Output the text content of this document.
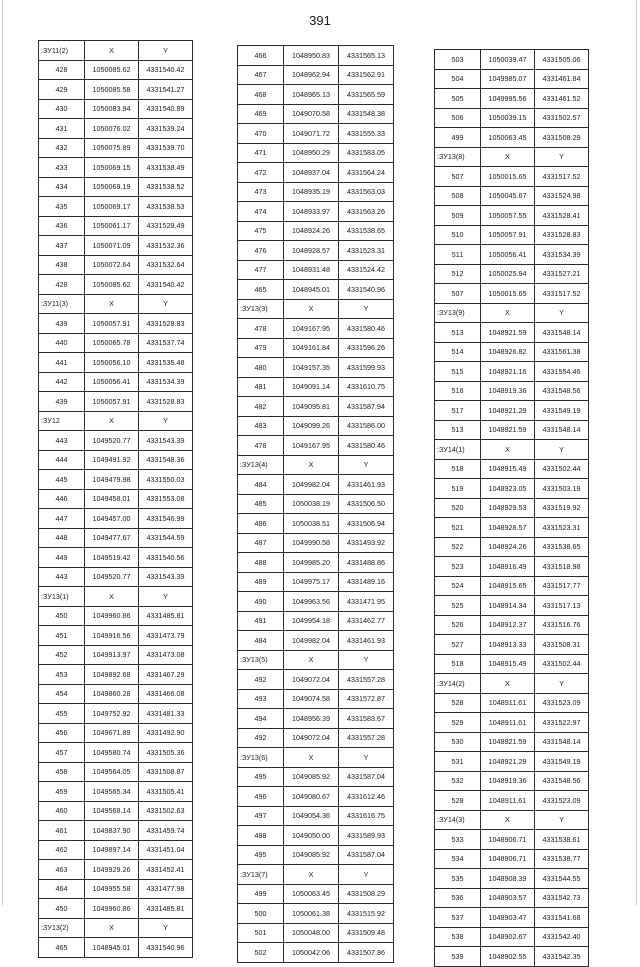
391
:ЗУ11(2)	X	Y
428	1050085.62	4331540.42
429	1050085.58	4331541.27
430	1050083.94	4331540.89
431	1050076.02	4331539.24
432	1050075.89	4331539.70
433	1050069.15	4331538.49
434	1050069.19	4331538.52
435	1050069.17	4331538.53
436	1050061.17	4331529.49
437	1050071.09	4331532.36
438	1050072.64	4331532.64
428	1050085.62	4331540.42
:ЗУ11(3)	X	Y
439	1050057.91	4331528.83
440	1050065.78	4331537.74
441	1050056.10	4331535.48
442	1050056.41	4331534.39
439	1050057.91	4331528.83
:ЗУ12	X	Y
443	1049520.77	4331543.39
444	1049491.92	4331548.36
445	1049479.98	4331550.03
446	1049458.01	4331553.08
447	1049457.00	4331546.99
448	1049477.67	4331544.59
449	1049519.42	4331540.56
443	1049520.77	4331543.39
:ЗУ13(1)	X	Y
450	1049960.86	4331485.81
451	1049916.56	4331473.79
452	1049913.97	4331473.08
453	1049892.68	4331467.29
454	1049860.28	4331466.08
455	1049752.92	4331481.33
456	1049671.89	4331492.90
457	1049580.74	4331505.36
458	1049564.05	4331508.87
459	1049565.34	4331505.41
460	1049568.14	4331502.63
461	1049837.90	4331459.74
462	1049897.14	4331451.04
463	1049929.26	4331452.41
464	1049955.58	4331477.98
450	1049960.86	4331485.81
:ЗУ13(2)	X	Y
465	1048945.01	4331540.96
466	1048950.83	4331565.13
467	1048962.94	4331562.91
468	1048965.13	4331565.59
469	1049070.58	4331548.38
470	1049071.72	4331555.33
471	1048950.29	4331583.05
472	1048937.04	4331564.24
473	1048935.19	4331563.03
474	1048933.97	4331563.26
475	1048924.26	4331538.65
476	1048928.57	4331523.31
477	1048931.48	4331524.42
465	1048945.01	4331540.96
:ЗУ13(3)	X	Y
478	1049167.95	4331580.46
479	1049161.84	4331596.26
480	1049157.35	4331599.93
481	1049091.14	4331610.75
482	1049095.81	4331587.94
483	1049099.26	4331586.00
478	1049167.95	4331580.46
:ЗУ13(4)	X	Y
484	1049982.04	4331461.93
485	1050038.19	4331506.50
486	1050038.51	4331506.94
487	1049990.58	4331493.92
488	1049985.20	4331488.86
489	1049975.17	4331489.16
490	1049963.56	4331471.95
491	1049954.18	4331462.77
484	1049982.04	4331461.93
:ЗУ13(5)	X	Y
492	1049072.04	4331557.28
493	1049074.58	4331572.87
494	1048956.39	4331583.67
492	1049072.04	4331557.28
:ЗУ13(6)	X	Y
495	1049085.92	4331587.04
496	1049080.67	4331612.46
497	1049054.36	4331616.75
498	1049050.00	4331589.93
495	1049085.92	4331587.04
:ЗУ13(7)	X	Y
499	1050063.45	4331508.29
500	1050061.38	4331515.92
501	1050048.00	4331509.48
502	1050042.06	4331507.86
503	1050039.47	4331505.06
504	1049985.07	4331461.84
505	1049995.56	4331461.52
506	1050039.15	4331502.57
499	1050063.45	4331508.29
:ЗУ13(8)	X	Y
507	1050015.65	4331517.52
508	1050045.67	4331524.98
509	1050057.55	4331528.41
510	1050057.91	4331528.83
511	1050056.41	4331534.39
512	1050025.94	4331527.21
507	1050015.65	4331517.52
:ЗУ13(9)	X	Y
513	1048921.59	4331548.14
514	1048926.82	4331561.38
515	1048921.16	4331554.46
516	1048919.36	4331548.56
517	1048921.29	4331549.19
513	1048921.59	4331548.14
:ЗУ14(1)	X	Y
518	1048915.49	4331502.44
519	1048923.05	4331503.19
520	1048929.53	4331519.92
521	1048928.57	4331523.31
522	1048924.26	4331538.65
523	1048916.49	4331518.98
524	1048915.65	4331517.77
525	1048914.34	4331517.13
526	1048912.37	4331516.76
527	1048913.33	4331508.31
518	1048915.49	4331502.44
:ЗУ14(2)	X	Y
528	1048911.61	4331523.09
529	1048911.61	4331522.97
530	1048921.59	4331548.14
531	1048921.29	4331549.19
532	1048919.36	4331548.56
528	1048911.61	4331523.09
:ЗУ14(3)	X	Y
533	1048906.71	4331538.61
534	1048906.71	4331538.77
535	1048908.39	4331544.55
536	1048903.57	4331542.73
537	1048903.47	4331541.68
538	1048902.67	4331542.40
539	1048902.55	4331542.35
